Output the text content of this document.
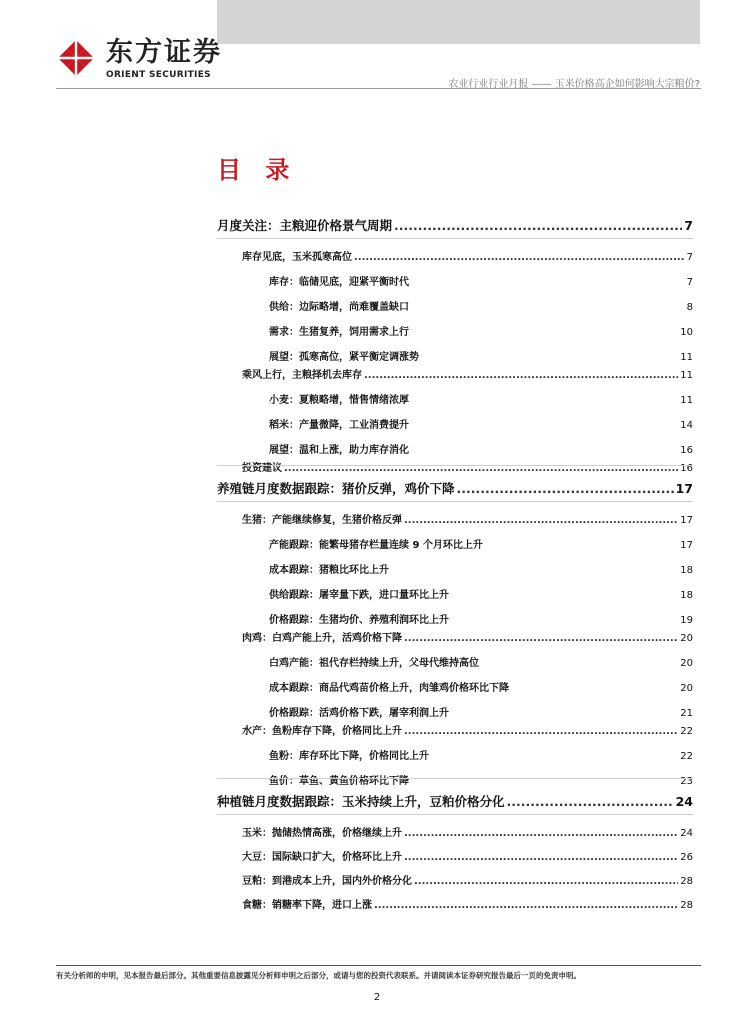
东方证券
ORIENT SECURITIES
农业行业行业月报 —— 玉米价格高企如何影响大宗粮价?
目 录
月度关注：主粮迎价格景气周期 .....	7
库存见底，玉米孤寒高位 .....	7
库存：临储见底，迎紧平衡时代	7
供给：边际略增，尚难覆盖缺口	8
需求：生猪复养，饲用需求上行	10
展望：孤寒高位，紧平衡定调涨势	11
乘风上行，主粮择机去库存 .....	11
小麦：夏粮略增，惜售情绪浓厚	11
稻米：产量微降，工业消费提升	14
展望：温和上涨，助力库存消化	16
投资建议 .....	16
养殖链月度数据跟踪：猪价反弹，鸡价下降 .....	17
生猪：产能继续修复，生猪价格反弹 .....	17
产能跟踪：能繁母猪存栏量连续 9 个月环比上升	17
成本跟踪：猪粮比环比上升	18
供给跟踪：屠宰量下跌，进口量环比上升	18
价格跟踪：生猪均价、养殖利润环比上升	19
肉鸡：白鸡产能上升，活鸡价格下降 .....	20
白鸡产能：祖代存栏持续上升，父母代维持高位	20
成本跟踪：商品代鸡苗价格上升，肉雏鸡价格环比下降	20
价格跟踪：活鸡价格下跌，屠宰利润上升	21
水产：鱼粉库存下降，价格同比上升 .....	22
鱼粉：库存环比下降，价格同比上升	22
鱼价：草鱼、黄鱼价格环比下降	23
种植链月度数据跟踪：玉米持续上升，豆粕价格分化 .....	24
玉米：抛储热情高涨，价格继续上升 .....	24
大豆：国际缺口扩大，价格环比上升 .....	26
豆粕：到港成本上升，国内外价格分化 .....	28
食糖：销糖率下降，进口上涨 .....	28
有关分析师的申明，见本报告最后部分。其他重要信息披露见分析师申明之后部分，或请与您的投资代表联系。并请阅读本证券研究报告最后一页的免责申明。
2
